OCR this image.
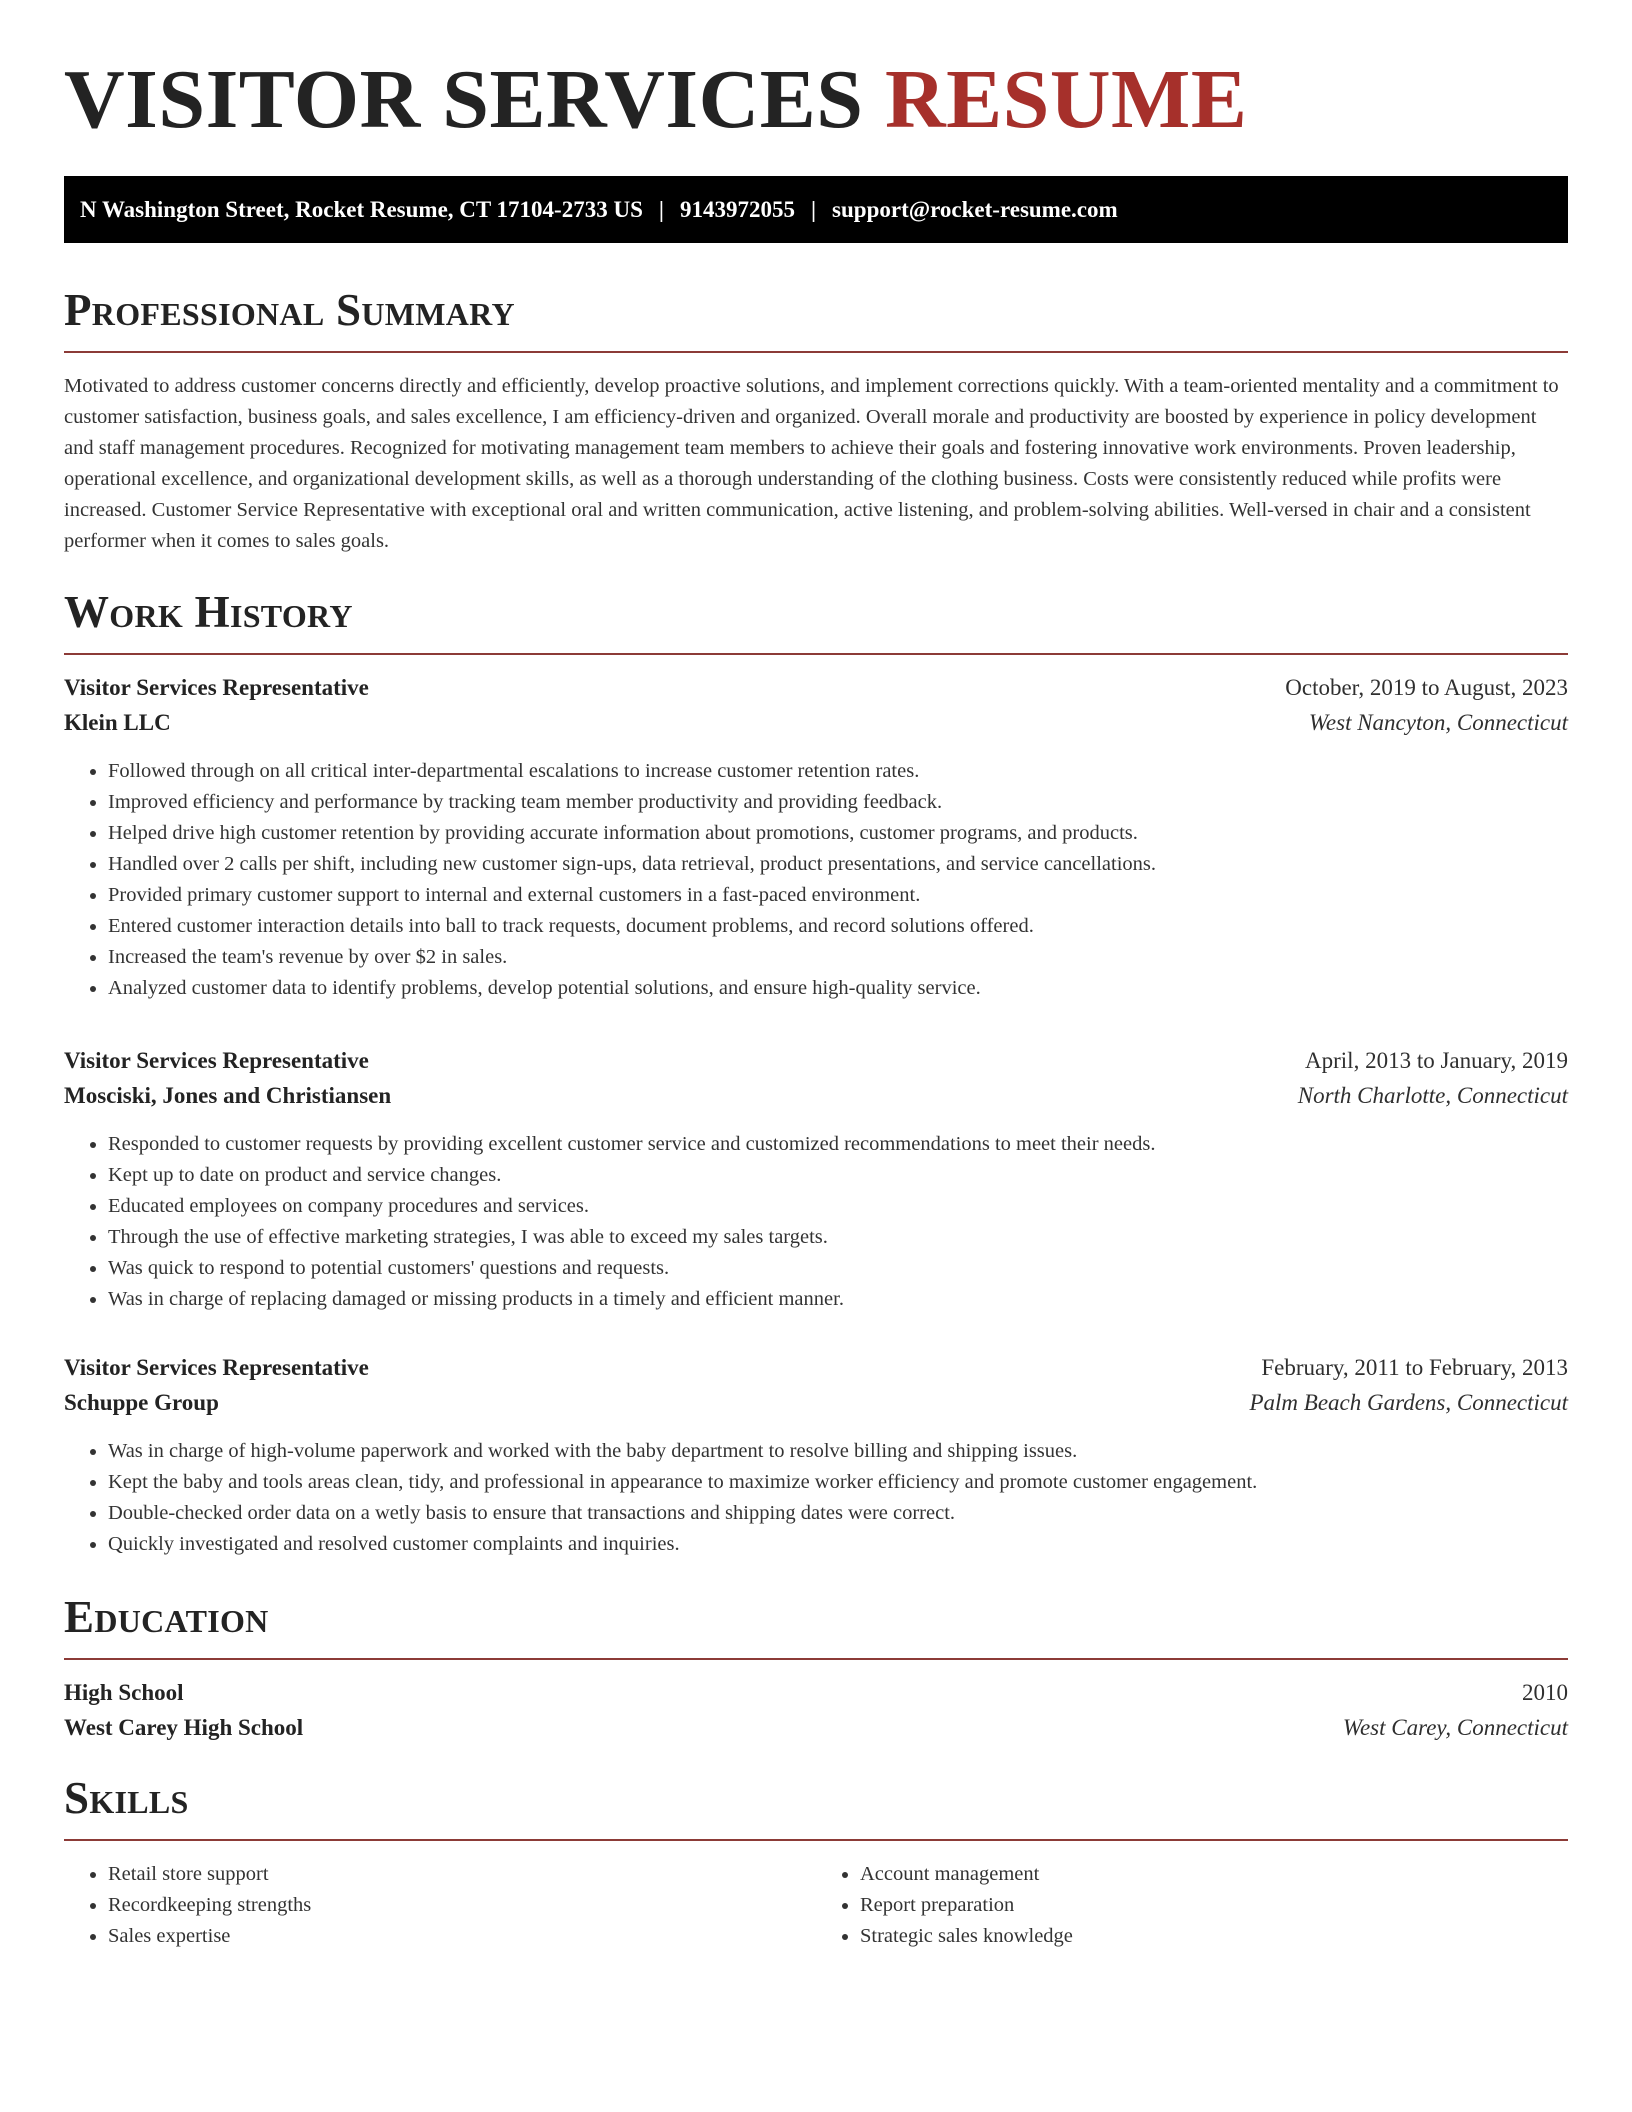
VISITOR SERVICES RESUME
N Washington Street, Rocket Resume, CT 17104-2733 US | 9143972055 | support@rocket-resume.com
Professional Summary

Motivated to address customer concerns directly and efficiently, develop proactive solutions, and implement corrections quickly. With a team-oriented mentality and a commitment to customer satisfaction, business goals, and sales excellence, I am efficiency-driven and organized. Overall morale and productivity are boosted by experience in policy development and staff management procedures. Recognized for motivating management team members to achieve their goals and fostering innovative work environments. Proven leadership, operational excellence, and organizational development skills, as well as a thorough understanding of the clothing business. Costs were consistently reduced while profits were increased. Customer Service Representative with exceptional oral and written communication, active listening, and problem-solving abilities. Well-versed in chair and a consistent performer when it comes to sales goals.

Work History
Visitor Services Representative	October, 2019 to August, 2023
Klein LLC	West Nancyton, Connecticut
• Followed through on all critical inter-departmental escalations to increase customer retention rates.
• Improved efficiency and performance by tracking team member productivity and providing feedback.
• Helped drive high customer retention by providing accurate information about promotions, customer programs, and products.
• Handled over 2 calls per shift, including new customer sign-ups, data retrieval, product presentations, and service cancellations.
• Provided primary customer support to internal and external customers in a fast-paced environment.
• Entered customer interaction details into ball to track requests, document problems, and record solutions offered.
• Increased the team's revenue by over $2 in sales.
• Analyzed customer data to identify problems, develop potential solutions, and ensure high-quality service.
Visitor Services Representative	April, 2013 to January, 2019
Mosciski, Jones and Christiansen	North Charlotte, Connecticut
• Responded to customer requests by providing excellent customer service and customized recommendations to meet their needs.
• Kept up to date on product and service changes.
• Educated employees on company procedures and services.
• Through the use of effective marketing strategies, I was able to exceed my sales targets.
• Was quick to respond to potential customers' questions and requests.
• Was in charge of replacing damaged or missing products in a timely and efficient manner.
Visitor Services Representative	February, 2011 to February, 2013
Schuppe Group	Palm Beach Gardens, Connecticut
• Was in charge of high-volume paperwork and worked with the baby department to resolve billing and shipping issues.
• Kept the baby and tools areas clean, tidy, and professional in appearance to maximize worker efficiency and promote customer engagement.
• Double-checked order data on a wetly basis to ensure that transactions and shipping dates were correct.
• Quickly investigated and resolved customer complaints and inquiries.
Education
High School	2010
West Carey High School	West Carey, Connecticut
Skills
• Retail store support
• Recordkeeping strengths
• Sales expertise
• Account management
• Report preparation
• Strategic sales knowledge
